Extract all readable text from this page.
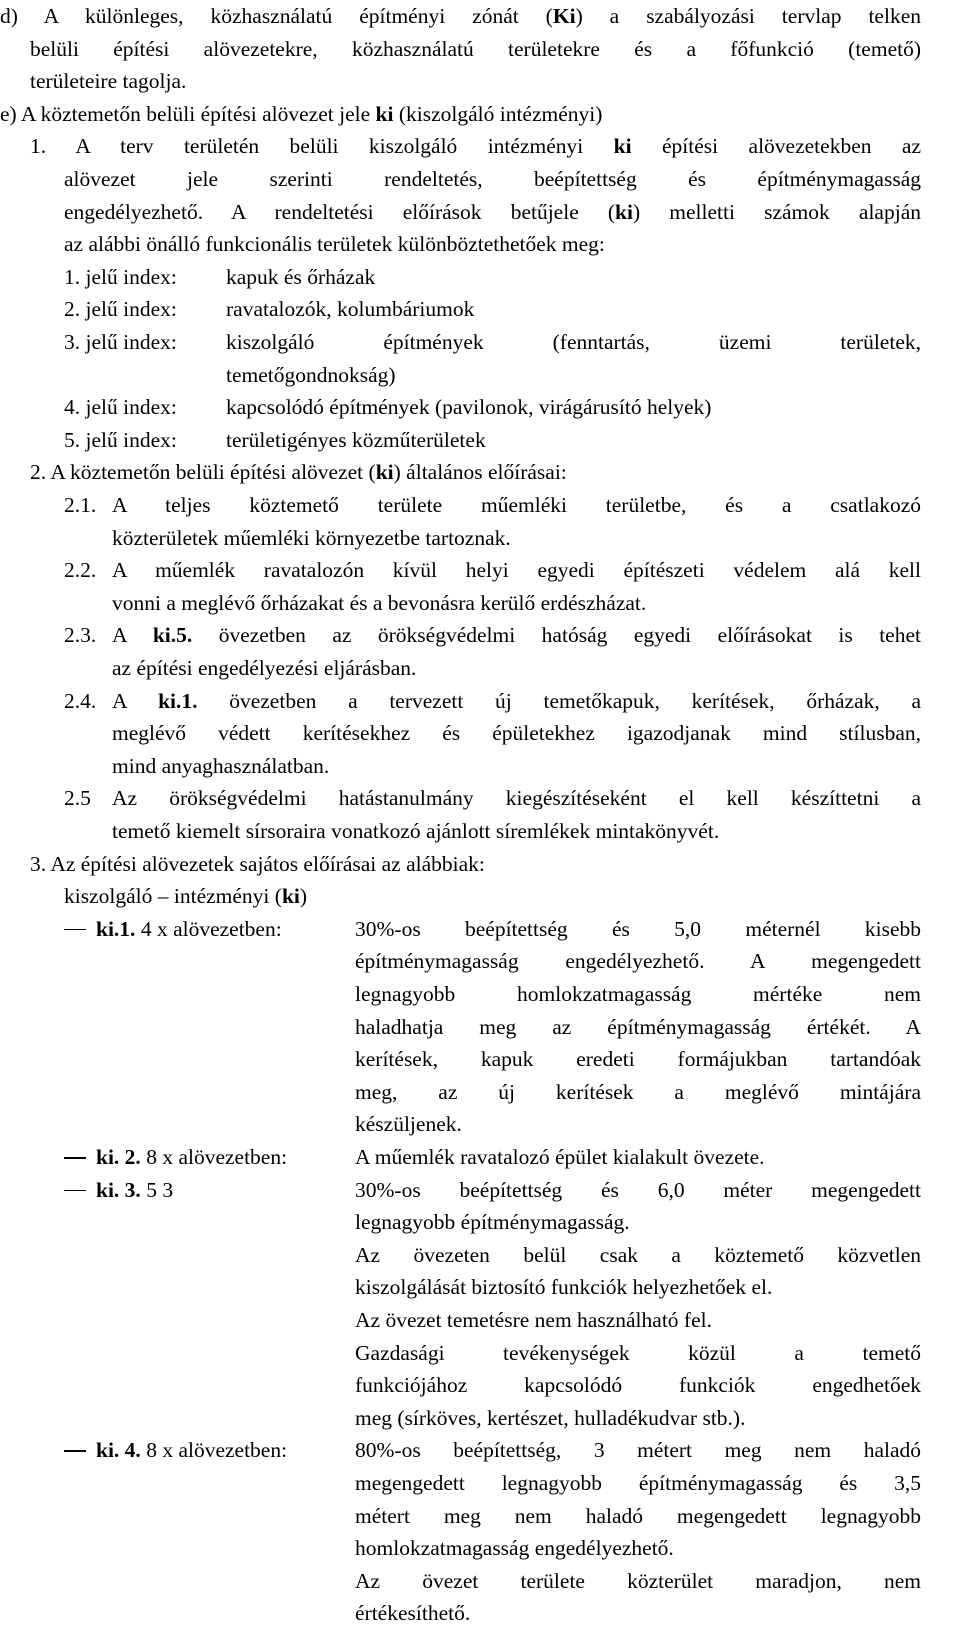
d) A különleges, közhasználatú építményi zónát (Ki) a szabályozási tervlap telken
belüli építési alövezetekre, közhasználatú területekre és a főfunkció (temető)
területeire tagolja.
e) A köztemetőn belüli építési alövezet jele ki (kiszolgáló intézményi)
1. A terv területén belüli kiszolgáló intézményi ki építési alövezetekben az
alövezet jele szerinti rendeltetés, beépítettség és építménymagasság
engedélyezhető. A rendeltetési előírások betűjele (ki) melletti számok alapján
az alábbi önálló funkcionális területek különböztethetőek meg:
1. jelű index: kapuk és őrházak
2. jelű index: ravatalozók, kolumbáriumok
3. jelű index: kiszolgáló építmények (fenntartás, üzemi területek,
temetőgondnokság)
4. jelű index: kapcsolódó építmények (pavilonok, virágárusító helyek)
5. jelű index: területigényes közműterületek
2. A köztemetőn belüli építési alövezet (ki) általános előírásai:
2.1. A teljes köztemető területe műemléki területbe, és a csatlakozó
közterületek műemléki környezetbe tartoznak.
2.2. A műemlék ravatalozón kívül helyi egyedi építészeti védelem alá kell
vonni a meglévő őrházakat és a bevonásra kerülő erdészházat.
2.3. A ki.5. övezetben az örökségvédelmi hatóság egyedi előírásokat is tehet
az építési engedélyezési eljárásban.
2.4. A ki.1. övezetben a tervezett új temetőkapuk, kerítések, őrházak, a
meglévő védett kerítésekhez és épületekhez igazodjanak mind stílusban,
mind anyaghasználatban.
2.5 Az örökségvédelmi hatástanulmány kiegészítéseként el kell készíttetni a
temető kiemelt sírsoraira vonatkozó ajánlott síremlékek mintakönyvét.
3. Az építési alövezetek sajátos előírásai az alábbiak:
kiszolgáló – intézményi (ki)
ki.1. 4 x alövezetben:	30%-os beépítettség és 5,0 méternél kisebb
építménymagasság engedélyezhető. A megengedett
legnagyobb homlokzatmagasság mértéke nem
haladhatja meg az építménymagasság értékét. A
kerítések, kapuk eredeti formájukban tartandóak
meg, az új kerítések a meglévő mintájára
készüljenek.
ki. 2. 8 x alövezetben:	A műemlék ravatalozó épület kialakult övezete.
ki. 3. 5 3	30%-os beépítettség és 6,0 méter megengedett
legnagyobb építménymagasság.
Az övezeten belül csak a köztemető közvetlen
kiszolgálását biztosító funkciók helyezhetőek el.
Az övezet temetésre nem használható fel.
Gazdasági tevékenységek közül a temető
funkciójához kapcsolódó funkciók engedhetőek
meg (sírköves, kertészet, hulladékudvar stb.).
ki. 4. 8 x alövezetben:	80%-os beépítettség, 3 métert meg nem haladó
megengedett legnagyobb építménymagasság és 3,5
métert meg nem haladó megengedett legnagyobb
homlokzatmagasság engedélyezhető.
Az övezet területe közterület maradjon, nem
értékesíthető.
